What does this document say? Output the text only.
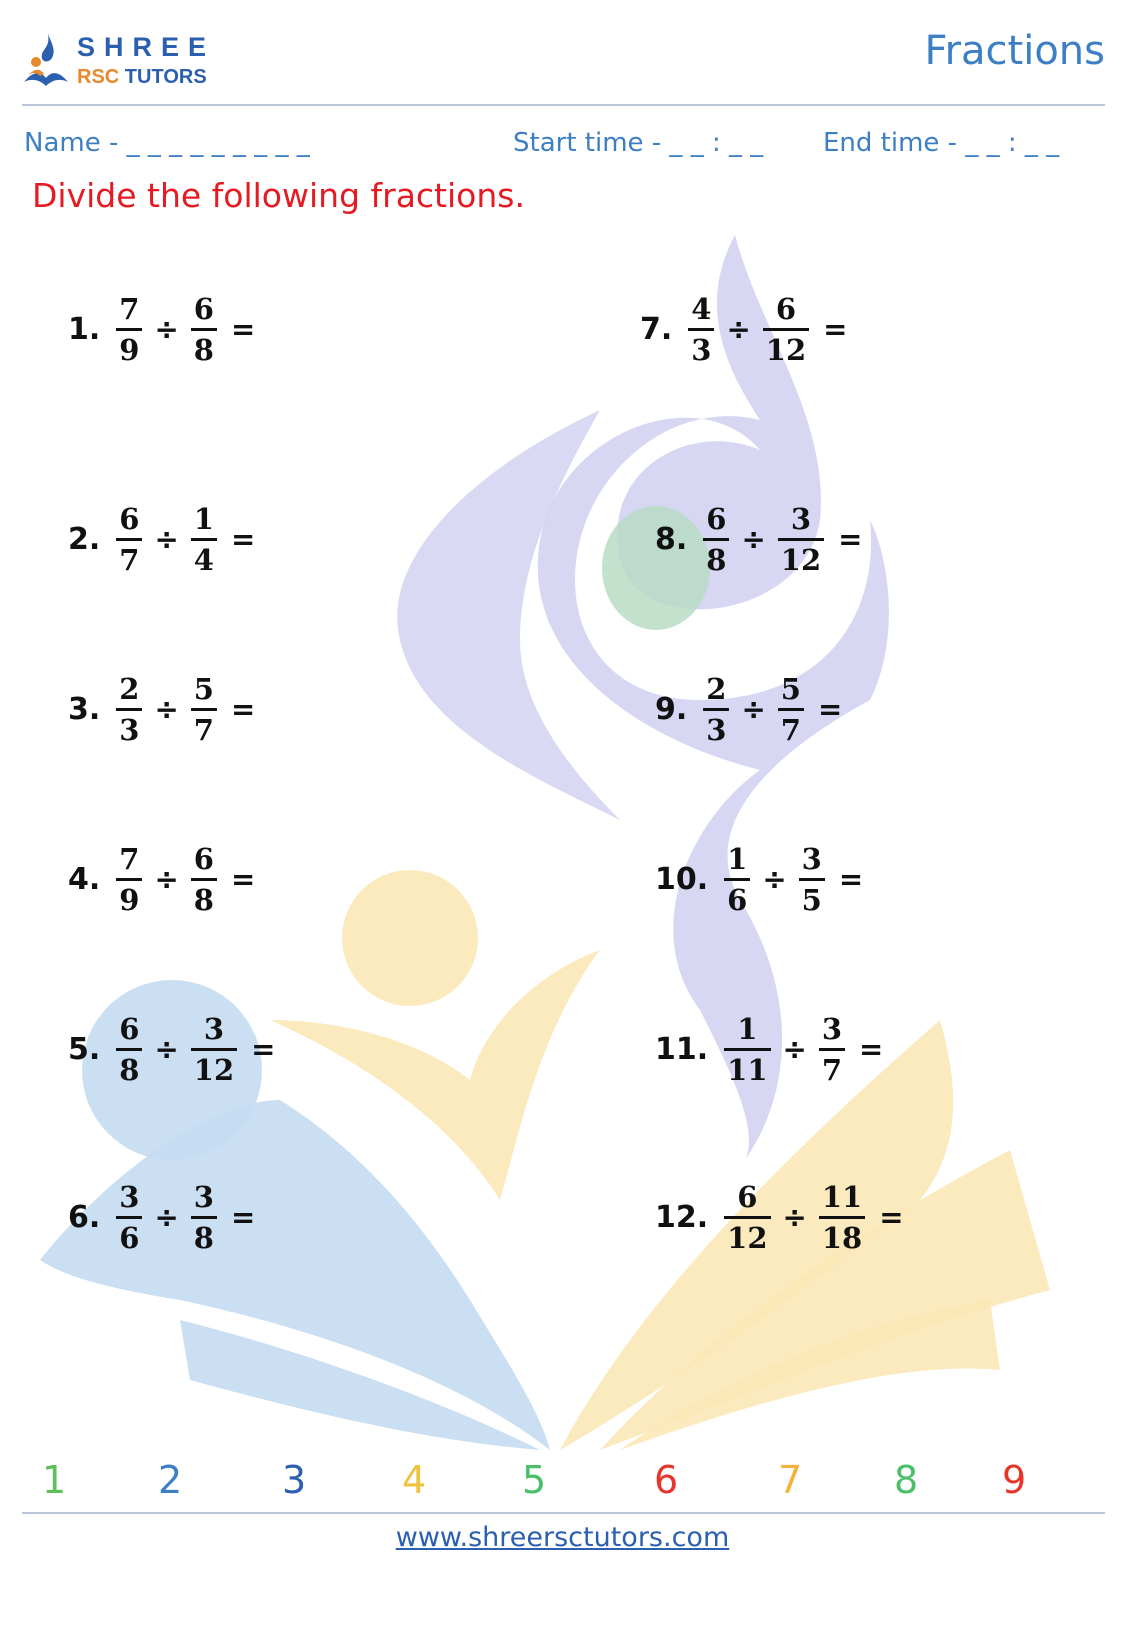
SHREE
RSC TUTORS
Fractions
Name - _ _ _ _ _ _ _ _ _	Start time - _ _ : _ _ End time - _ _ : _ _
Divide the following fractions.
1. $\frac{7}{9} \div \frac{6}{8}$ =
2. $\frac{6}{7} \div \frac{1}{4}$ =
3. $\frac{2}{3} \div \frac{5}{7}$ =
4. $\frac{7}{9} \div \frac{6}{8}$ =
5. $\frac{6}{8} \div \frac{3}{12}$ =
6. $\frac{3}{6} \div \frac{3}{8}$ =
7. $\frac{4}{3} \div \frac{6}{12}$ =
8. $\frac{6}{8} \div \frac{3}{12}$ =
9. $\frac{2}{3} \div \frac{5}{7}$ =
10. $\frac{1}{6} \div \frac{3}{5}$ =
11. $\frac{1}{11} \div \frac{3}{7}$ =
12. $\frac{6}{12} \div \frac{11}{18}$ =
1 2	3	4	5	6	7 8 9
www.shreersctutors.com
